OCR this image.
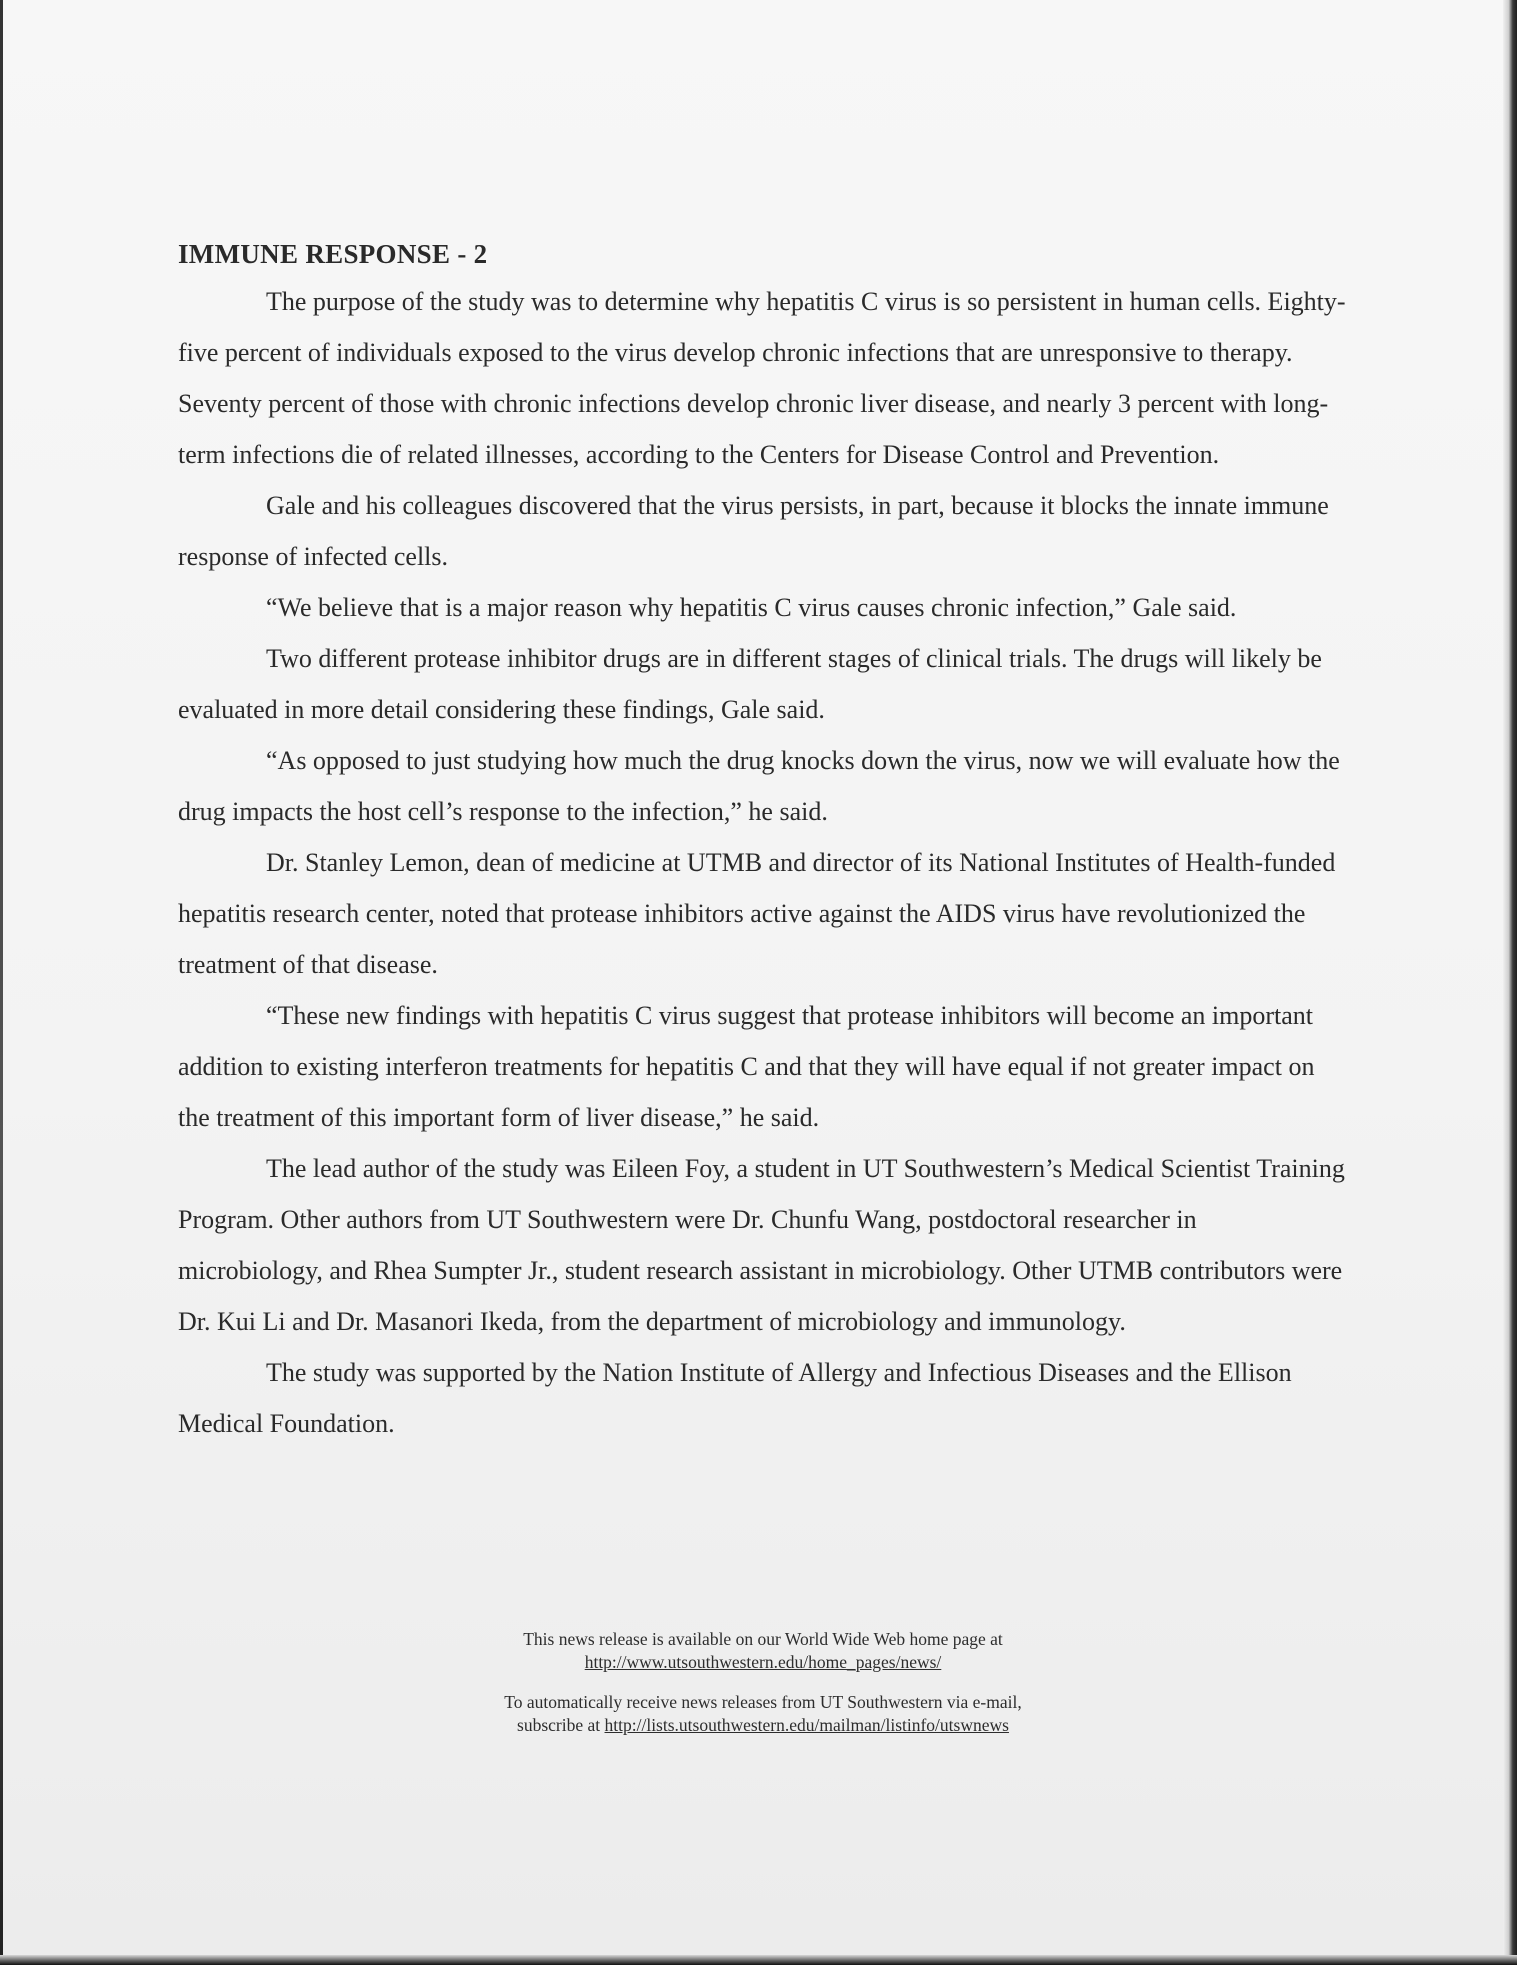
IMMUNE RESPONSE - 2

The purpose of the study was to determine why hepatitis C virus is so persistent in human cells. Eighty-five percent of individuals exposed to the virus develop chronic infections that are unresponsive to therapy. Seventy percent of those with chronic infections develop chronic liver disease, and nearly 3 percent with long-term infections die of related illnesses, according to the Centers for Disease Control and Prevention.

Gale and his colleagues discovered that the virus persists, in part, because it blocks the innate immune response of infected cells.

“We believe that is a major reason why hepatitis C virus causes chronic infection,” Gale said.

Two different protease inhibitor drugs are in different stages of clinical trials. The drugs will likely be evaluated in more detail considering these findings, Gale said.

“As opposed to just studying how much the drug knocks down the virus, now we will evaluate how the drug impacts the host cell’s response to the infection,” he said.

Dr. Stanley Lemon, dean of medicine at UTMB and director of its National Institutes of Health-funded hepatitis research center, noted that protease inhibitors active against the AIDS virus have revolutionized the treatment of that disease.

“These new findings with hepatitis C virus suggest that protease inhibitors will become an important addition to existing interferon treatments for hepatitis C and that they will have equal if not greater impact on the treatment of this important form of liver disease,” he said.

The lead author of the study was Eileen Foy, a student in UT Southwestern’s Medical Scientist Training Program. Other authors from UT Southwestern were Dr. Chunfu Wang, postdoctoral researcher in microbiology, and Rhea Sumpter Jr., student research assistant in microbiology. Other UTMB contributors were Dr. Kui Li and Dr. Masanori Ikeda, from the department of microbiology and immunology.

The study was supported by the Nation Institute of Allergy and Infectious Diseases and the Ellison Medical Foundation.

This news release is available on our World Wide Web home page at
http://www.utsouthwestern.edu/home_pages/news/
To automatically receive news releases from UT Southwestern via e-mail,
subscribe at http://lists.utsouthwestern.edu/mailman/listinfo/utswnews
